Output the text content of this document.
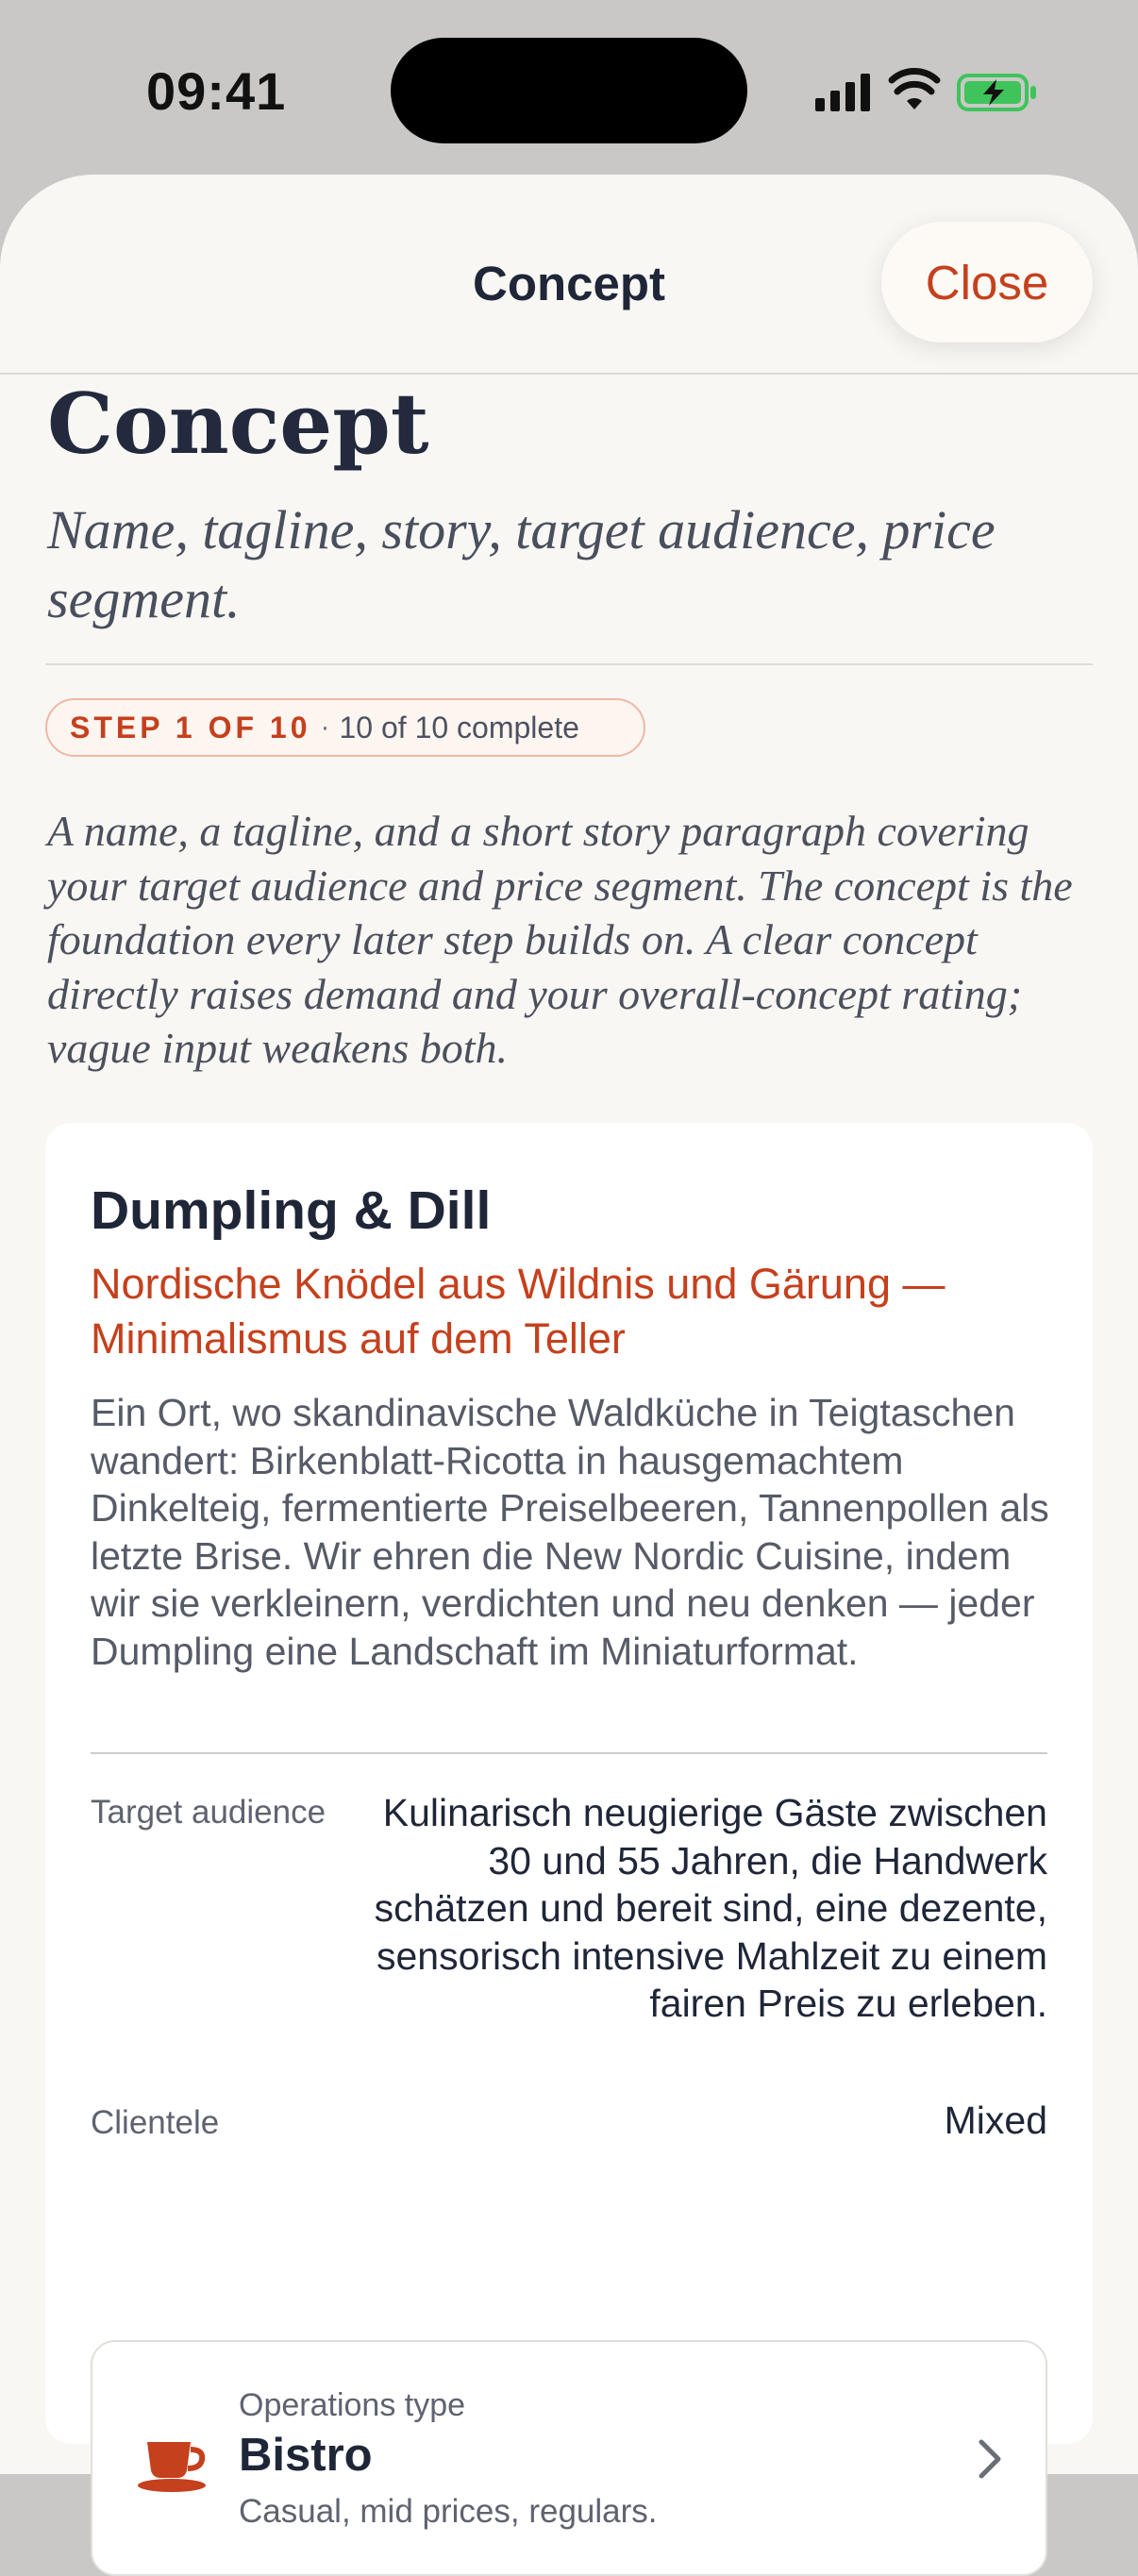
09:41
Concept	Close
Concept
Name, tagline, story, target audience, price segment.
STEP 1 OF 10 · 10 of 10 complete
A name, a tagline, and a short story paragraph covering your target audience and price segment. The concept is the foundation every later step builds on. A clear concept directly raises demand and your overall-concept rating; vague input weakens both.
Dumpling & Dill
Nordische Knödel aus Wildnis und Gärung — Minimalismus auf dem Teller
Ein Ort, wo skandinavische Waldküche in Teigtaschen wandert: Birkenblatt-Ricotta in hausgemachtem Dinkelteig, fermentierte Preiselbeeren, Tannenpollen als letzte Brise. Wir ehren die New Nordic Cuisine, indem wir sie verkleinern, verdichten und neu denken — jeder Dumpling eine Landschaft im Miniaturformat.
Target audience	Kulinarisch neugierige Gäste zwischen 30 und 55 Jahren, die Handwerk schätzen und bereit sind, eine dezente, sensorisch intensive Mahlzeit zu einem fairen Preis zu erleben.
Clientele	Mixed
Operations type
Bistro
Casual, mid prices, regulars.
